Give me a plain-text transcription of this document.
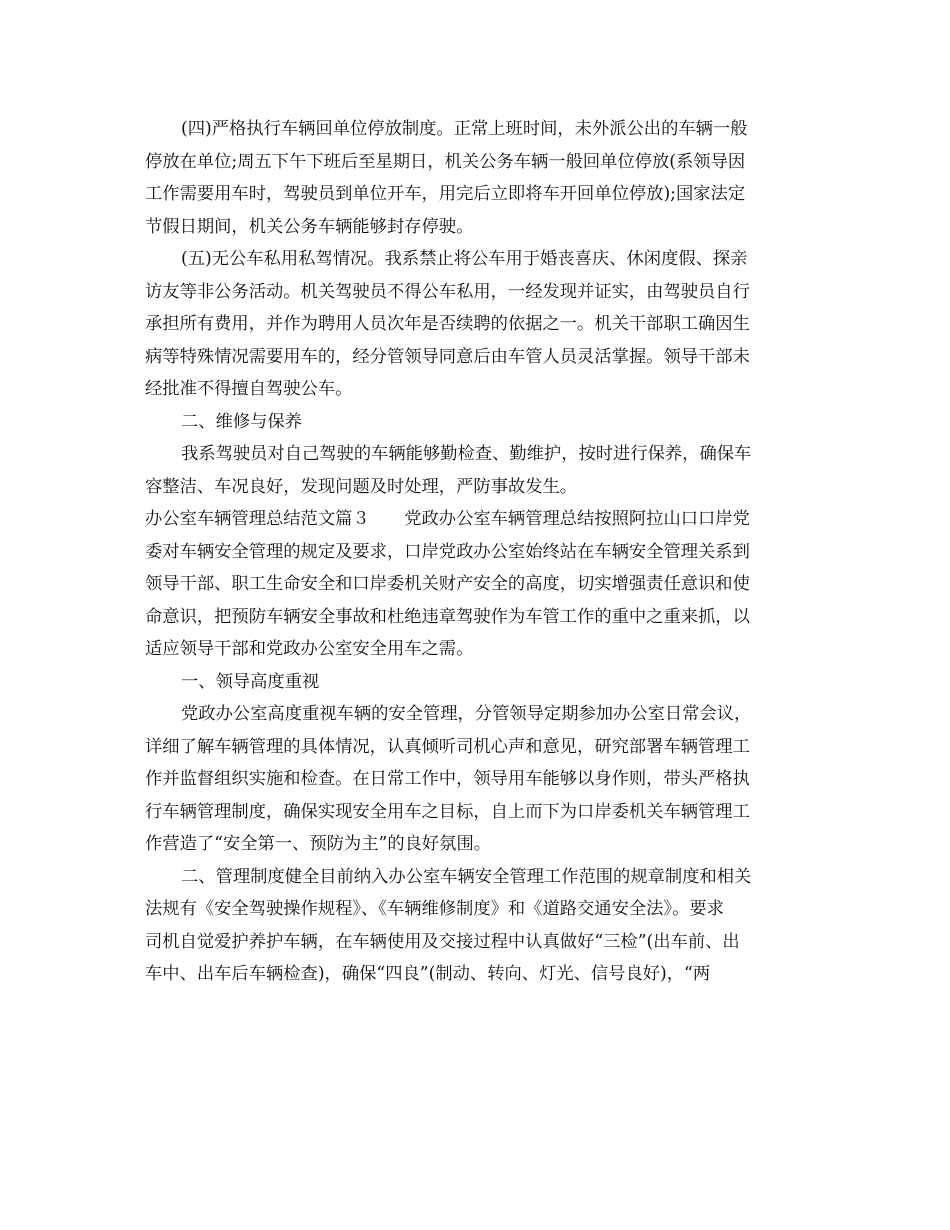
(四)严格执行车辆回单位停放制度。正常上班时间，未外派公出的车辆一般
停放在单位;周五下午下班后至星期日，机关公务车辆一般回单位停放(系领导因
工作需要用车时，驾驶员到单位开车，用完后立即将车开回单位停放);国家法定
节假日期间，机关公务车辆能够封存停驶。
(五)无公车私用私驾情况。我系禁止将公车用于婚丧喜庆、休闲度假、探亲
访友等非公务活动。机关驾驶员不得公车私用，一经发现并证实，由驾驶员自行
承担所有费用，并作为聘用人员次年是否续聘的依据之一。机关干部职工确因生
病等特殊情况需要用车的，经分管领导同意后由车管人员灵活掌握。领导干部未
经批准不得擅自驾驶公车。
二、维修与保养
我系驾驶员对自己驾驶的车辆能够勤检查、勤维护，按时进行保养，确保车
容整洁、车况良好，发现问题及时处理，严防事故发生。
办公室车辆管理总结范文篇３　　党政办公室车辆管理总结按照阿拉山口口岸党
委对车辆安全管理的规定及要求，口岸党政办公室始终站在车辆安全管理关系到
领导干部、职工生命安全和口岸委机关财产安全的高度，切实增强责任意识和使
命意识，把预防车辆安全事故和杜绝违章驾驶作为车管工作的重中之重来抓，以
适应领导干部和党政办公室安全用车之需。
一、领导高度重视
党政办公室高度重视车辆的安全管理，分管领导定期参加办公室日常会议，
详细了解车辆管理的具体情况，认真倾听司机心声和意见，研究部署车辆管理工
作并监督组织实施和检查。在日常工作中，领导用车能够以身作则，带头严格执
行车辆管理制度，确保实现安全用车之目标，自上而下为口岸委机关车辆管理工
作营造了“安全第一、预防为主”的良好氛围。
二、管理制度健全目前纳入办公室车辆安全管理工作范围的规章制度和相关
法规有《安全驾驶操作规程》、《车辆维修制度》和《道路交通安全法》。要求
司机自觉爱护养护车辆，在车辆使用及交接过程中认真做好“三检”(出车前、出
车中、出车后车辆检查)，确保“四良”(制动、转向、灯光、信号良好)，“两
